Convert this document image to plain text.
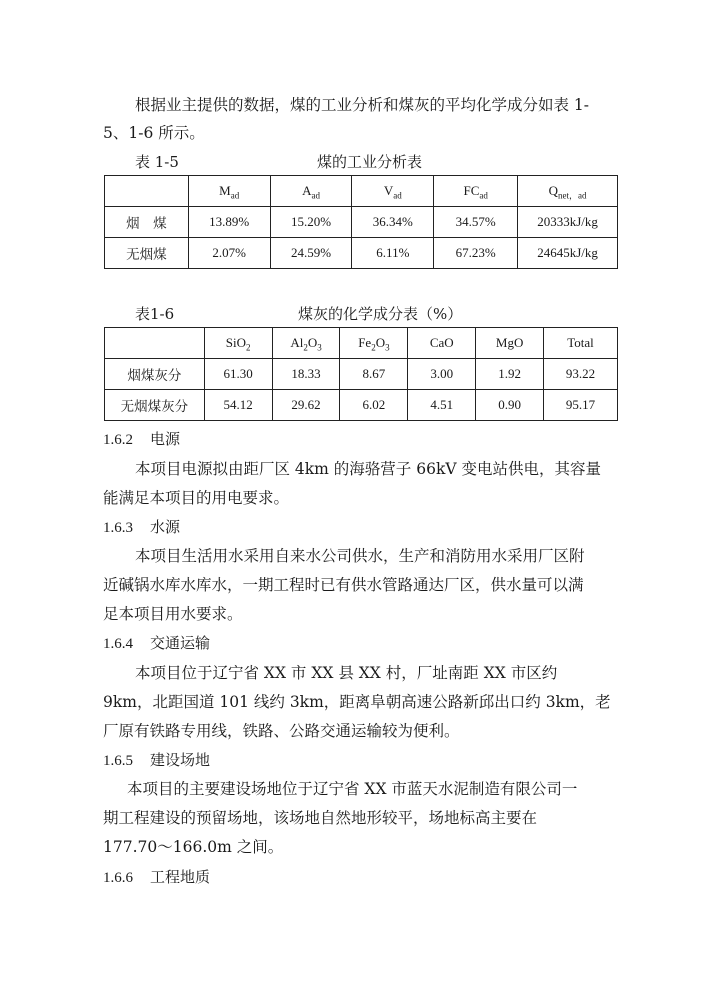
根据业主提供的数据，煤的工业分析和煤灰的平均化学成分如表 1-
5、1-6 所示。
表 1-5	煤的工业分析表
	$M_{ad}$	$A_{ad}$	$V_{ad}$	$FC_{ad}$	$Q_{net,ad}$
烟　煤	13.89%	15.20%	36.34%	34.57%	20333kJ/kg
无烟煤	2.07%	24.59%	6.11%	67.23%	24645kJ/kg
表1-6	煤灰的化学成分表（%）
	SiO$_2$	$Al_2O_3$	$Fe_2O_3$	CaO	MgO	Total
烟煤灰分	61.30	18.33	8.67	3.00	1.92	93.22
无烟煤灰分	54.12	29.62	6.02	4.51	0.90	95.17
1.6.2 电源
本项目电源拟由距厂区 4km 的海骆营子 66kV 变电站供电，其容量
能满足本项目的用电要求。
1.6.3 水源
本项目生活用水采用自来水公司供水，生产和消防用水采用厂区附
近碱锅水库水库水，一期工程时已有供水管路通达厂区，供水量可以满
足本项目用水要求。
1.6.4 交通运输
本项目位于辽宁省 XX 市 XX 县 XX 村，厂址南距 XX 市区约
9km，北距国道 101 线约 3km，距离阜朝高速公路新邱出口约 3km，老
厂原有铁路专用线，铁路、公路交通运输较为便利。
1.6.5 建设场地
本项目的主要建设场地位于辽宁省 XX 市蓝天水泥制造有限公司一
期工程建设的预留场地，该场地自然地形较平，场地标高主要在
177.70～166.0m 之间。
1.6.6 工程地质
